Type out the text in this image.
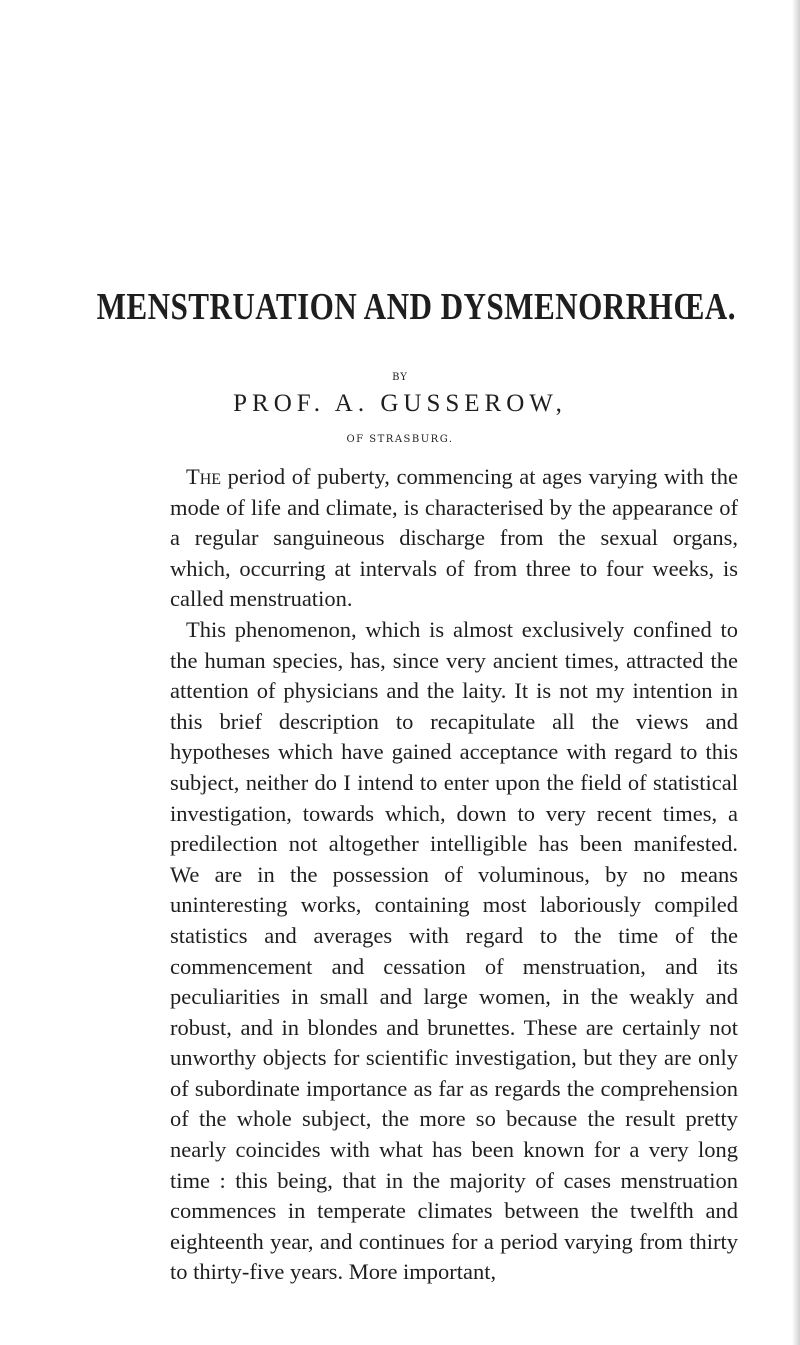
MENSTRUATION AND DYSMENORRHŒA.
BY
PROF. A. GUSSEROW,
OF STRASBURG.

The period of puberty, commencing at ages varying with the mode of life and climate, is characterised by the appearance of a regular sanguineous discharge from the sexual organs, which, occurring at intervals of from three to four weeks, is called menstruation.

This phenomenon, which is almost exclusively confined to the human species, has, since very ancient times, attracted the attention of physicians and the laity. It is not my intention in this brief description to recapitulate all the views and hypotheses which have gained acceptance with regard to this subject, neither do I intend to enter upon the field of statistical investigation, towards which, down to very recent times, a predilection not altogether intelligible has been manifested. We are in the possession of voluminous, by no means uninteresting works, containing most laboriously compiled statistics and averages with regard to the time of the commencement and cessation of menstruation, and its peculiarities in small and large women, in the weakly and robust, and in blondes and brunettes. These are certainly not unworthy objects for scientific investigation, but they are only of subordinate importance as far as regards the comprehension of the whole subject, the more so because the result pretty nearly coincides with what has been known for a very long time : this being, that in the majority of cases menstruation commences in temperate climates between the twelfth and eighteenth year, and continues for a period varying from thirty to thirty-five years. More important,
